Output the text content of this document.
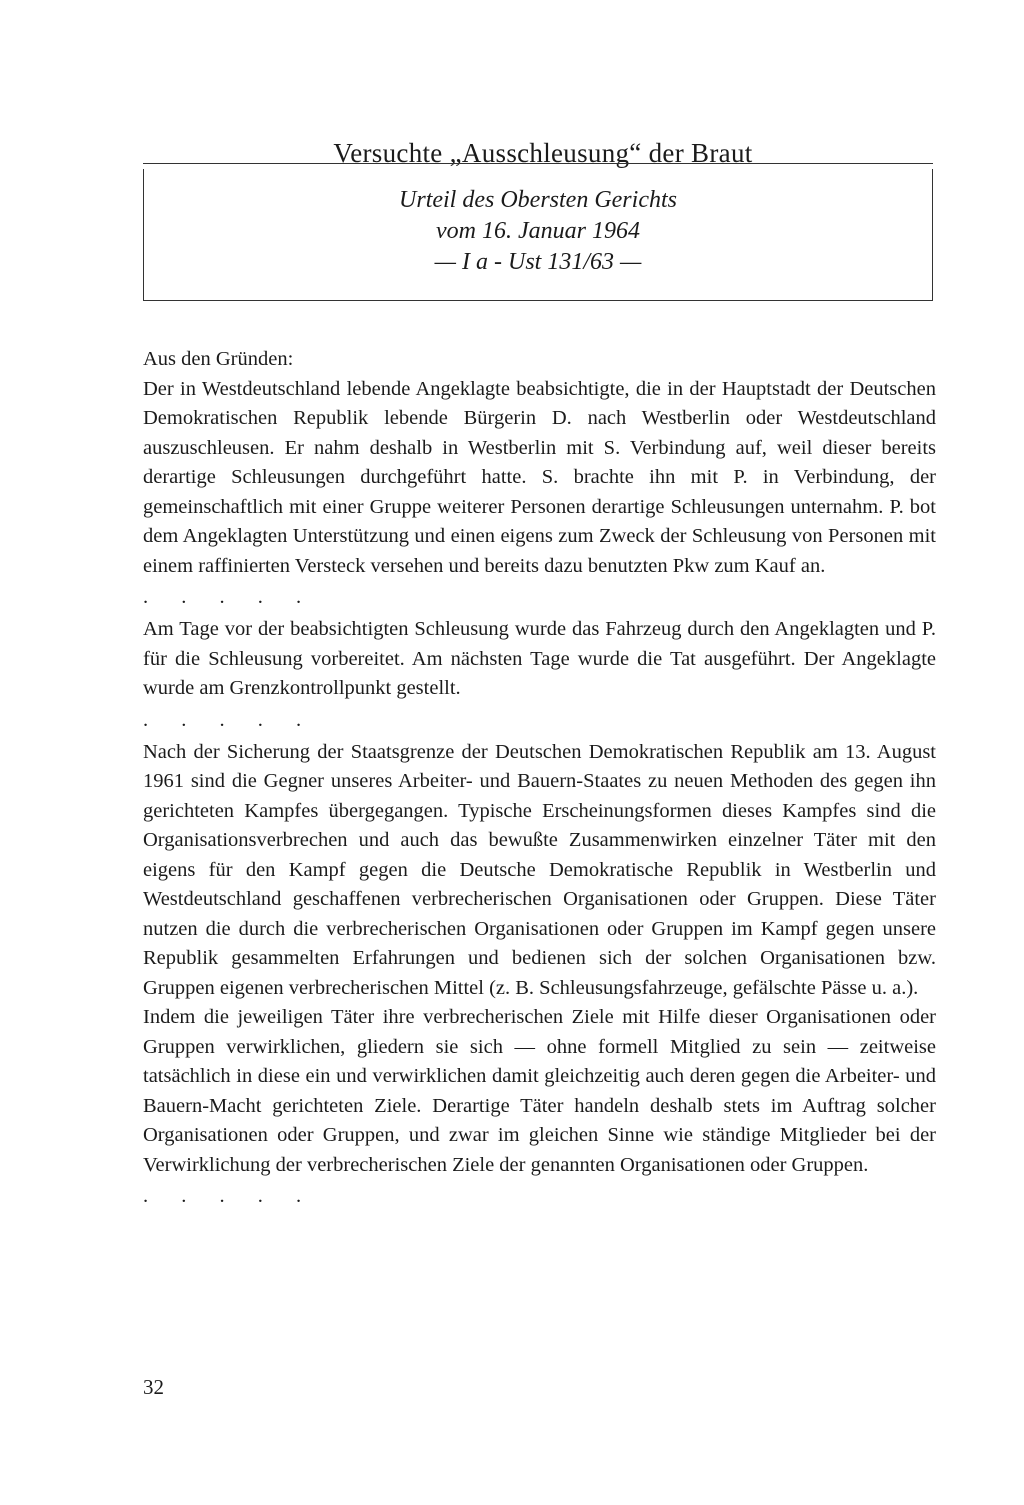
Versuchte „Ausschleusung“ der Braut
Urteil des Obersten Gerichts
vom 16. Januar 1964
— I a - Ust 131/63 —

Aus den Gründen:

Der in Westdeutschland lebende Angeklagte beabsichtigte, die in der Hauptstadt der Deutschen Demokratischen Republik lebende Bürgerin D. nach Westberlin oder Westdeutschland auszuschleusen. Er nahm deshalb in Westberlin mit S. Verbindung auf, weil dieser bereits derartige Schleusungen durchgeführt hatte. S. brachte ihn mit P. in Verbindung, der gemeinschaftlich mit einer Gruppe weiterer Personen derartige Schleusungen unternahm. P. bot dem Angeklagten Unterstützung und einen eigens zum Zweck der Schleusung von Personen mit einem raffinierten Versteck versehen und bereits dazu benutzten Pkw zum Kauf an.

. . . . .

Am Tage vor der beabsichtigten Schleusung wurde das Fahrzeug durch den Angeklagten und P. für die Schleusung vorbereitet. Am nächsten Tage wurde die Tat ausgeführt. Der Angeklagte wurde am Grenzkontrollpunkt gestellt.

. . . . .

Nach der Sicherung der Staatsgrenze der Deutschen Demokratischen Republik am 13. August 1961 sind die Gegner unseres Arbeiter- und Bauern-Staates zu neuen Methoden des gegen ihn gerichteten Kampfes übergegangen. Typische Erscheinungsformen dieses Kampfes sind die Organisationsverbrechen und auch das bewußte Zusammenwirken einzelner Täter mit den eigens für den Kampf gegen die Deutsche Demokratische Republik in Westberlin und Westdeutschland geschaffenen verbrecherischen Organisationen oder Gruppen. Diese Täter nutzen die durch die verbrecherischen Organisationen oder Gruppen im Kampf gegen unsere Republik gesammelten Erfahrungen und bedienen sich der solchen Organisationen bzw. Gruppen eigenen verbrecherischen Mittel (z. B. Schleusungsfahrzeuge, gefälschte Pässe u. a.).

Indem die jeweiligen Täter ihre verbrecherischen Ziele mit Hilfe dieser Organisationen oder Gruppen verwirklichen, gliedern sie sich — ohne formell Mitglied zu sein — zeitweise tatsächlich in diese ein und verwirklichen damit gleichzeitig auch deren gegen die Arbeiter- und Bauern-Macht gerichteten Ziele. Derartige Täter handeln deshalb stets im Auftrag solcher Organisationen oder Gruppen, und zwar im gleichen Sinne wie ständige Mitglieder bei der Verwirklichung der verbrecherischen Ziele der genannten Organisationen oder Gruppen.

. . . . .
32
